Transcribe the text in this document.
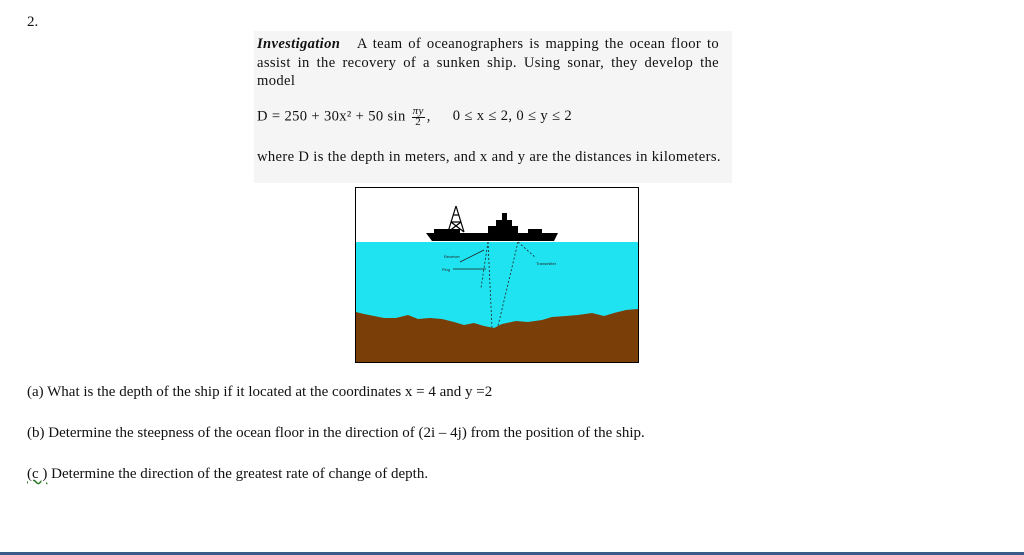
2.
Investigation A team of oceanographers is mapping the ocean floor to assist in the recovery of a sunken ship. Using sonar, they develop the model
D = 250 + 30x² + 50 $\sin \frac{\pi y}{2}$ , 0 ≤ x ≤ 2, 0 ≤ y ≤ 2
where D is the depth in meters, and x and y are the distances in kilometers.
Receiver
Ping
Transmitter
(a) What is the depth of the ship if it located at the coordinates x = 4 and y =2
(b) Determine the steepness of the ocean floor in the direction of (2i – 4j) from the position of the ship.
(c ) Determine the direction of the greatest rate of change of depth.
